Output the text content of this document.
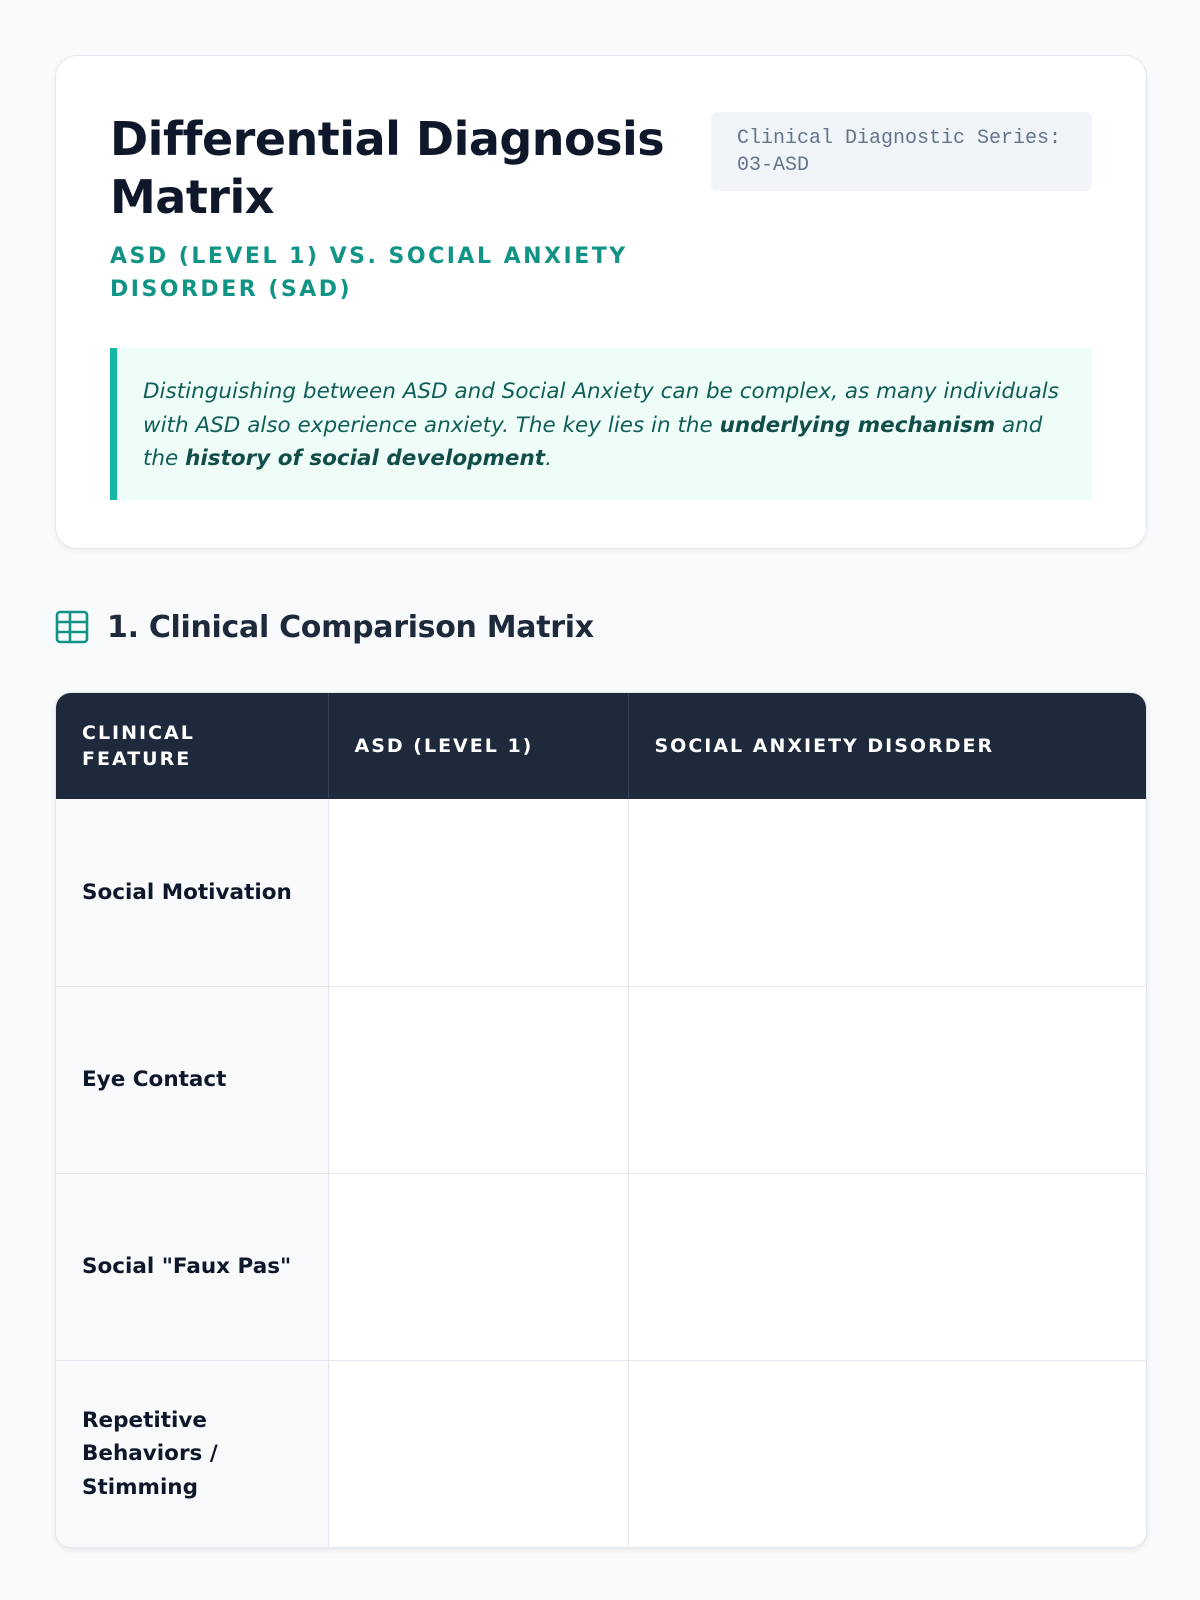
Differential Diagnosis Matrix
ASD (LEVEL 1) VS. SOCIAL ANXIETY DISORDER (SAD)
Clinical Diagnostic Series: 03-ASD
Distinguishing between ASD and Social Anxiety can be complex, as many individuals with ASD also experience anxiety. The key lies in the underlying mechanism and the history of social development.
1. Clinical Comparison Matrix
CLINICAL FEATURE	ASD (LEVEL 1)	SOCIAL ANXIETY DISORDER
Social Motivation		
Eye Contact		
Social "Faux Pas"		
Repetitive Behaviors / Stimming		
